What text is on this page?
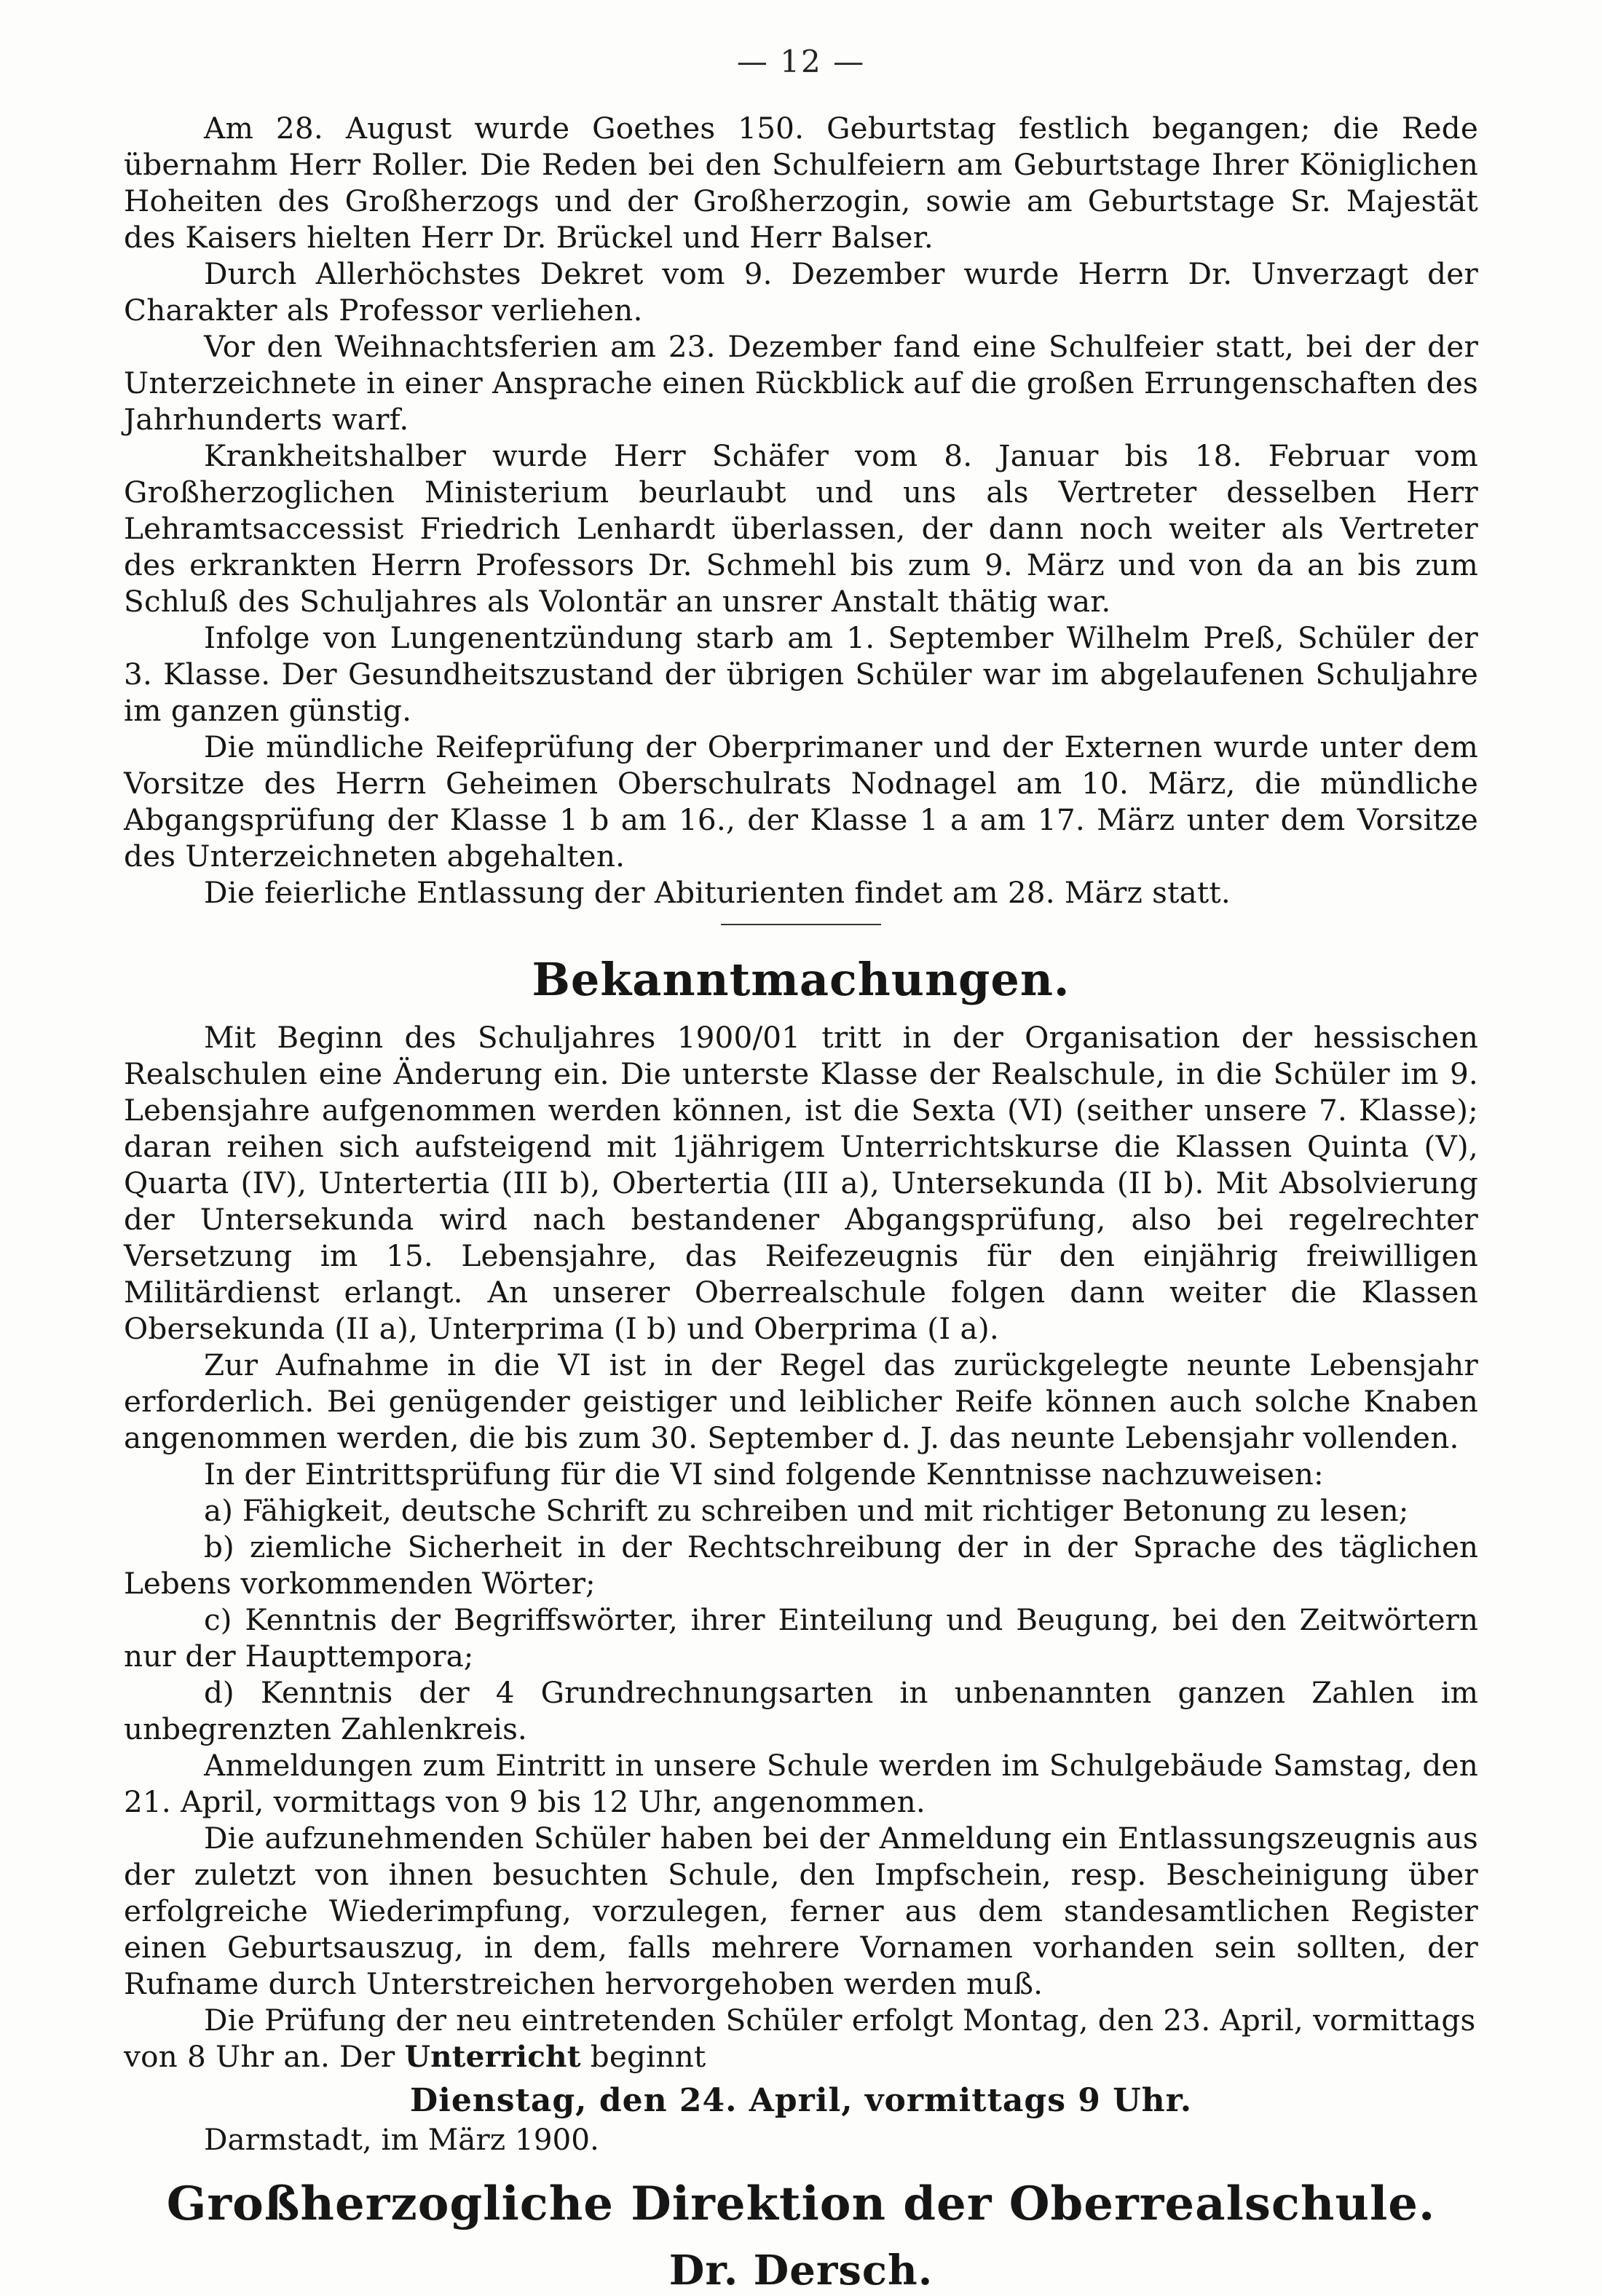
— 12 —

Am 28. August wurde Goethes 150. Geburtstag festlich begangen; die Rede übernahm Herr Roller. Die Reden bei den Schulfeiern am Geburtstage Ihrer Königlichen Hoheiten des Großherzogs und der Großherzogin, sowie am Geburtstage Sr. Majestät des Kaisers hielten Herr Dr. Brückel und Herr Balser.

Durch Allerhöchstes Dekret vom 9. Dezember wurde Herrn Dr. Unverzagt der Charakter als Professor verliehen.

Vor den Weihnachtsferien am 23. Dezember fand eine Schulfeier statt, bei der der Unterzeichnete in einer Ansprache einen Rückblick auf die großen Errungenschaften des Jahrhunderts warf.

Krankheitshalber wurde Herr Schäfer vom 8. Januar bis 18. Februar vom Großherzoglichen Ministerium beurlaubt und uns als Vertreter desselben Herr Lehramtsaccessist Friedrich Lenhardt überlassen, der dann noch weiter als Vertreter des erkrankten Herrn Professors Dr. Schmehl bis zum 9. März und von da an bis zum Schluß des Schuljahres als Volontär an unsrer Anstalt thätig war.

Infolge von Lungenentzündung starb am 1. September Wilhelm Preß, Schüler der 3. Klasse. Der Gesundheitszustand der übrigen Schüler war im abgelaufenen Schuljahre im ganzen günstig.

Die mündliche Reifeprüfung der Oberprimaner und der Externen wurde unter dem Vorsitze des Herrn Geheimen Oberschulrats Nodnagel am 10. März, die mündliche Abgangsprüfung der Klasse 1 b am 16., der Klasse 1 a am 17. März unter dem Vorsitze des Unterzeichneten abgehalten.

Die feierliche Entlassung der Abiturienten findet am 28. März statt.

Bekanntmachungen.

Mit Beginn des Schuljahres 1900/01 tritt in der Organisation der hessischen Realschulen eine Änderung ein. Die unterste Klasse der Realschule, in die Schüler im 9. Lebensjahre aufgenommen werden können, ist die Sexta (VI) (seither unsere 7. Klasse); daran reihen sich aufsteigend mit 1jährigem Unterrichtskurse die Klassen Quinta (V), Quarta (IV), Untertertia (III b), Obertertia (III a), Untersekunda (II b). Mit Absolvierung der Untersekunda wird nach bestandener Abgangsprüfung, also bei regelrechter Versetzung im 15. Lebensjahre, das Reifezeugnis für den einjährig freiwilligen Militärdienst erlangt. An unserer Oberrealschule folgen dann weiter die Klassen Obersekunda (II a), Unterprima (I b) und Oberprima (I a).

Zur Aufnahme in die VI ist in der Regel das zurückgelegte neunte Lebensjahr erforderlich. Bei genügender geistiger und leiblicher Reife können auch solche Knaben angenommen werden, die bis zum 30. September d. J. das neunte Lebensjahr vollenden.

In der Eintrittsprüfung für die VI sind folgende Kenntnisse nachzuweisen:

a) Fähigkeit, deutsche Schrift zu schreiben und mit richtiger Betonung zu lesen;

b) ziemliche Sicherheit in der Rechtschreibung der in der Sprache des täglichen Lebens vorkommenden Wörter;

c) Kenntnis der Begriffswörter, ihrer Einteilung und Beugung, bei den Zeitwörtern nur der Haupttempora;

d) Kenntnis der 4 Grundrechnungsarten in unbenannten ganzen Zahlen im unbegrenzten Zahlenkreis.

Anmeldungen zum Eintritt in unsere Schule werden im Schulgebäude Samstag, den 21. April, vormittags von 9 bis 12 Uhr, angenommen.

Die aufzunehmenden Schüler haben bei der Anmeldung ein Entlassungszeugnis aus der zuletzt von ihnen besuchten Schule, den Impfschein, resp. Bescheinigung über erfolgreiche Wiederimpfung, vorzulegen, ferner aus dem standesamtlichen Register einen Geburtsauszug, in dem, falls mehrere Vornamen vorhanden sein sollten, der Rufname durch Unterstreichen hervorgehoben werden muß.

Die Prüfung der neu eintretenden Schüler erfolgt Montag, den 23. April, vormittags von 8 Uhr an. Der Unterricht beginnt

Dienstag, den 24. April, vormittags 9 Uhr.

Darmstadt, im März 1900.

Großherzogliche Direktion der Oberrealschule.
Dr. Dersch.
